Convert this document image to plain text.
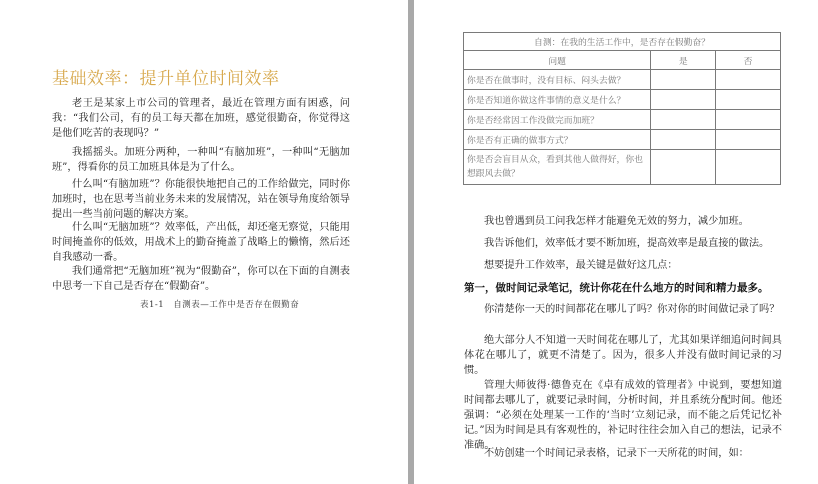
基础效率：提升单位时间效率

老王是某家上市公司的管理者，最近在管理方面有困惑，问我：“我们公司，有的员工每天都在加班，感觉很勤奋，你觉得这是他们吃苦的表现吗？”

我摇摇头。加班分两种，一种叫“有脑加班”，一种叫“无脑加班”，得看你的员工加班具体是为了什么。

什么叫“有脑加班”？你能很快地把自己的工作给做完，同时你加班时，也在思考当前业务未来的发展情况，站在领导角度给领导提出一些当前问题的解决方案。

什么叫“无脑加班”？效率低，产出低，却还毫无察觉，只能用时间掩盖你的低效，用战术上的勤奋掩盖了战略上的懒惰，然后还自我感动一番。

我们通常把“无脑加班”视为“假勤奋”，你可以在下面的自测表中思考一下自己是否存在“假勤奋”。

表1-1　自测表—工作中是否存在假勤奋
自测：在我的生活工作中，是否存在假勤奋？		
问题	是	否
你是否在做事时，没有目标、闷头去做？		
你是否知道你做这件事情的意义是什么？		
你是否经常因工作没做完而加班？		
你是否有正确的做事方式？		
你是否会盲目从众，看到其他人做得好，你也想跟风去做？		

我也曾遇到员工问我怎样才能避免无效的努力，减少加班。

我告诉他们，效率低才要不断加班，提高效率是最直接的做法。

想要提升工作效率，最关键是做好这几点：

第一，做时间记录笔记，统计你花在什么地方的时间和精力最多。

你清楚你一天的时间都花在哪儿了吗？你对你的时间做记录了吗？

绝大部分人不知道一天时间花在哪儿了，尤其如果详细追问时间具体花在哪儿了，就更不清楚了。因为，很多人并没有做时间记录的习惯。

管理大师彼得·德鲁克在《卓有成效的管理者》中说到，要想知道时间都去哪儿了，就要记录时间，分析时间，并且系统分配时间。他还强调：“必须在处理某一工作的‘当时’立刻记录，而不能之后凭记忆补记。”因为时间是具有客观性的，补记时往往会加入自己的想法，记录不准确。

不妨创建一个时间记录表格，记录下一天所花的时间，如：
